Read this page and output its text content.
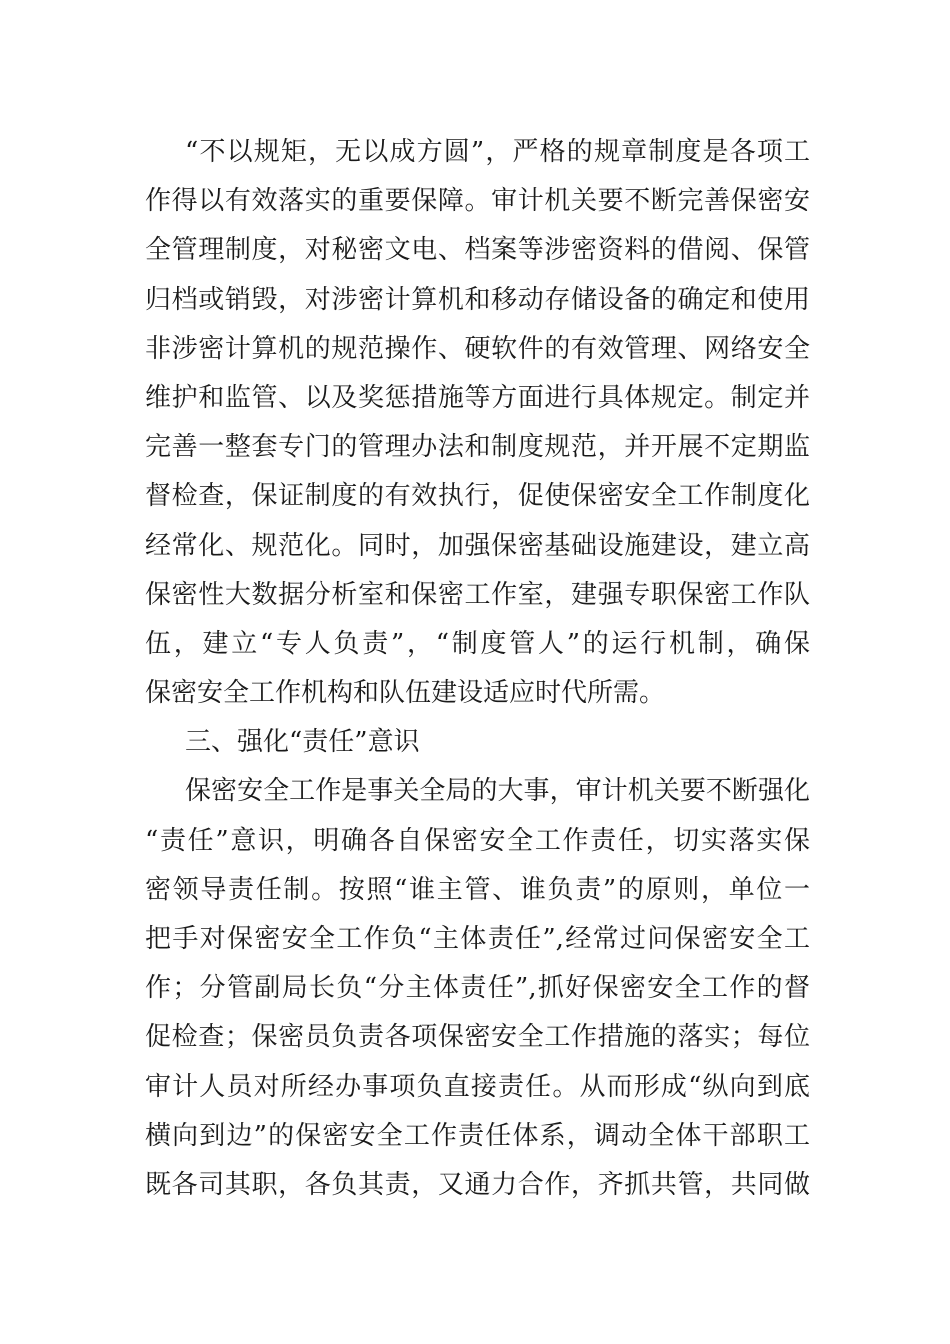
“不以规矩，无以成方圆”，严格的规章制度是各项工
作得以有效落实的重要保障。审计机关要不断完善保密安
全管理制度，对秘密文电、档案等涉密资料的借阅、保管
归档或销毁，对涉密计算机和移动存储设备的确定和使用
非涉密计算机的规范操作、硬软件的有效管理、网络安全
维护和监管、以及奖惩措施等方面进行具体规定。制定并
完善一整套专门的管理办法和制度规范，并开展不定期监
督检查，保证制度的有效执行，促使保密安全工作制度化
经常化、规范化。同时，加强保密基础设施建设，建立高
保密性大数据分析室和保密工作室，建强专职保密工作队
伍，建立“专人负责”，“制度管人”的运行机制，确保
保密安全工作机构和队伍建设适应时代所需。
三、强化“责任”意识
保密安全工作是事关全局的大事，审计机关要不断强化
“责任”意识，明确各自保密安全工作责任，切实落实保
密领导责任制。按照“谁主管、谁负责”的原则，单位一
把手对保密安全工作负“主体责任”,经常过问保密安全工
作；分管副局长负“分主体责任”,抓好保密安全工作的督
促检查；保密员负责各项保密安全工作措施的落实；每位
审计人员对所经办事项负直接责任。从而形成“纵向到底
横向到边”的保密安全工作责任体系，调动全体干部职工
既各司其职，各负其责，又通力合作，齐抓共管，共同做
